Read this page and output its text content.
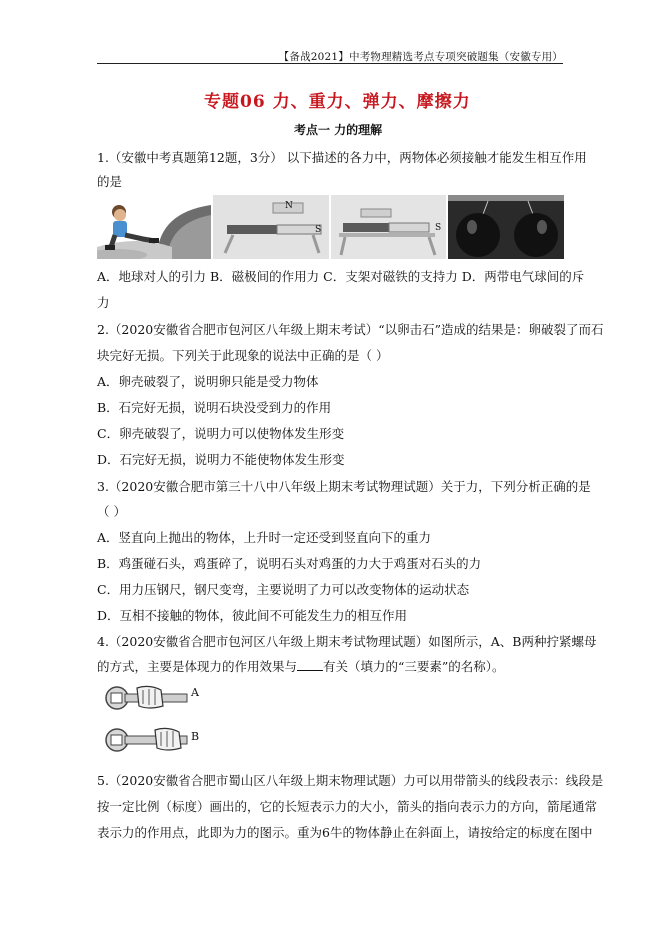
【备战2021】中考物理精选考点专项突破题集（安徽专用）
专题06 力、重力、弹力、摩擦力
考点一 力的理解
1.（安徽中考真题第12题，3分） 以下描述的各力中，两物体必须接触才能发生相互作用
的是
N
S	S
A．地球对人的引力 B．磁极间的作用力 C．支架对磁铁的支持力 D．两带电气球间的斥
力
2.（2020安徽省合肥市包河区八年级上期末考试）“以卵击石”造成的结果是：卵破裂了而石
块完好无损。下列关于此现象的说法中正确的是（ ）
A．卵壳破裂了，说明卵只能是受力物体
B．石完好无损，说明石块没受到力的作用
C．卵壳破裂了，说明力可以使物体发生形变
D．石完好无损，说明力不能使物体发生形变
3.（2020安徽合肥市第三十八中八年级上期末考试物理试题）关于力，下列分析正确的是
（ ）
A．竖直向上抛出的物体，上升时一定还受到竖直向下的重力
B．鸡蛋碰石头，鸡蛋碎了，说明石头对鸡蛋的力大于鸡蛋对石头的力
C．用力压钢尺，钢尺变弯，主要说明了力可以改变物体的运动状态
D．互相不接触的物体，彼此间不可能发生力的相互作用
4.（2020安徽省合肥市包河区八年级上期末考试物理试题）如图所示，A、B两种拧紧螺母
的方式，主要是体现力的作用效果与 有关（填力的“三要素”的名称）。
A
B
5.（2020安徽省合肥市蜀山区八年级上期末物理试题）力可以用带箭头的线段表示：线段是
按一定比例（标度）画出的，它的长短表示力的大小，箭头的指向表示力的方向，箭尾通常
表示力的作用点，此即为力的图示。重为6牛的物体静止在斜面上，请按给定的标度在图中
